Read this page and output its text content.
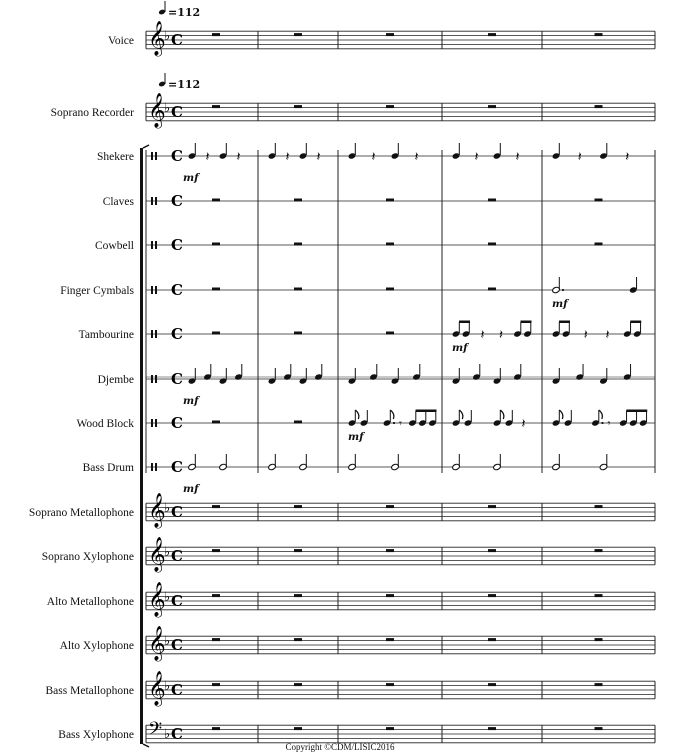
Voice
Soprano Recorder
Shekere
Claves
Cowbell
Finger Cymbals
Tambourine
Djembe
Wood Block
Bass Drum
Soprano Metallophone
Soprano Xylophone
Alto Metallophone
Alto Xylophone
Bass Metallophone
Bass Xylophone
𝄞
♭ C
𝄞
♭ C
C
mf
C
C
C
C
C
mf
C
C
mf
𝄞
♭ C
𝄞
♭ C
𝄞
♭ C
𝄞
♭ C
𝄞
♭ C
𝄢 ♭ C
=112
=112
𝄽 𝄽	𝄽 𝄽	𝄽	𝄽
𝄾
mf
𝄽	𝄽
𝄽 𝄽
mf
𝄽
𝄽	𝄽
mf
𝄽 𝄽
𝄾
Copyright ©CDM/LISIC2016
